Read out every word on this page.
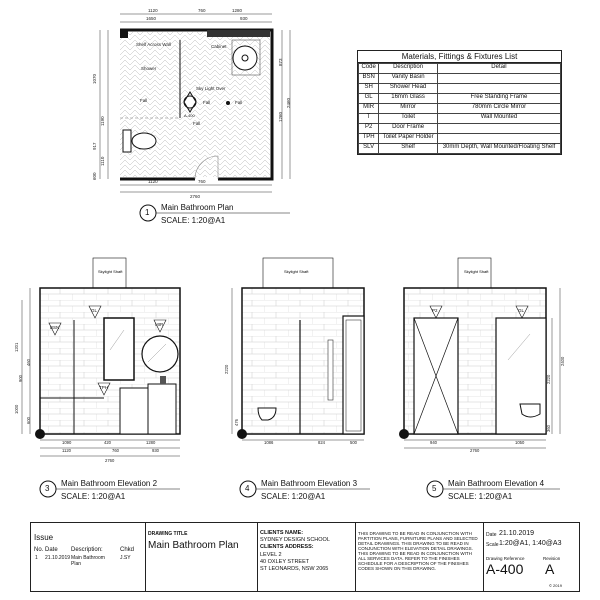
1120	760	1280
1650	930
1120	760
2760
1070
1190
1110
917
600
873
1260
2460
Shelf Across Wall	Cabinet
Shower
Sky Light Over
Fall	Fall	Fall
Fall
A-400
GL
BSN
MIR
TPH
Skylight Shaft
1090
1120
420
760
1280
930
2760
1201
460
900
1000
600
Skylight Shaft
1086	824	500
2220
476
P2	GL
Skylight Shaft
940	1050
2760
2220
2400
360
1
Main Bathroom Plan
SCALE: 1:20@A1
3
Main Bathroom Elevation 2
SCALE: 1:20@A1
4
Main Bathroom Elevation 3
SCALE: 1:20@A1
5
Main Bathroom Elevation 4
SCALE: 1:20@A1
Materials, Fittings & Fixtures List
Code	Description	Detail
BSN	Vanity Basin	
SH	Shower Head	
GL	16mm Glass	Free Standing Frame
MIR	Mirror	780mm Circle Mirror
T	Toilet	Wall Mounted
P2	Door Frame	
TPH	Toilet Paper Holder	
SLV	Shelf	30mm Depth, Wall Mounted/Floating Shelf
Issue
No. Date Description:	Chkd
1 21.10.2019 Main Bathroom Plan
J.SY
DRAWING TITLE
Main Bathroom Plan
CLIENTS NAME:
SYDNEY DESIGN SCHOOL
CLIENTS ADDRESS:
LEVEL 2
40 OXLEY STREET
ST LEONARDS, NSW 2065
THIS DRAWING TO BE READ IN CONJUNCTION WITH PARTITION PLANS, FURNITURE PLANS AND SELECTED DETAIL DRAWINGS. THIS DRAWING TO BE READ IN CONJUNCTION WITH ELEVATION DETAIL DRAWINGS. THIS DRAWING TO BE READ IN CONJUNCTION WITH ALL SERVICES DATA. REFER TO THE FINISHES SCHEDULE FOR A DESCRIPTION OF THE FINISHES CODES SHOWN ON THIS DRAWING.
Date 21.10.2019
Scale 1:20@A1, 1:40@A3
Drawing Reference
A-400
Revision
A
© 2019
